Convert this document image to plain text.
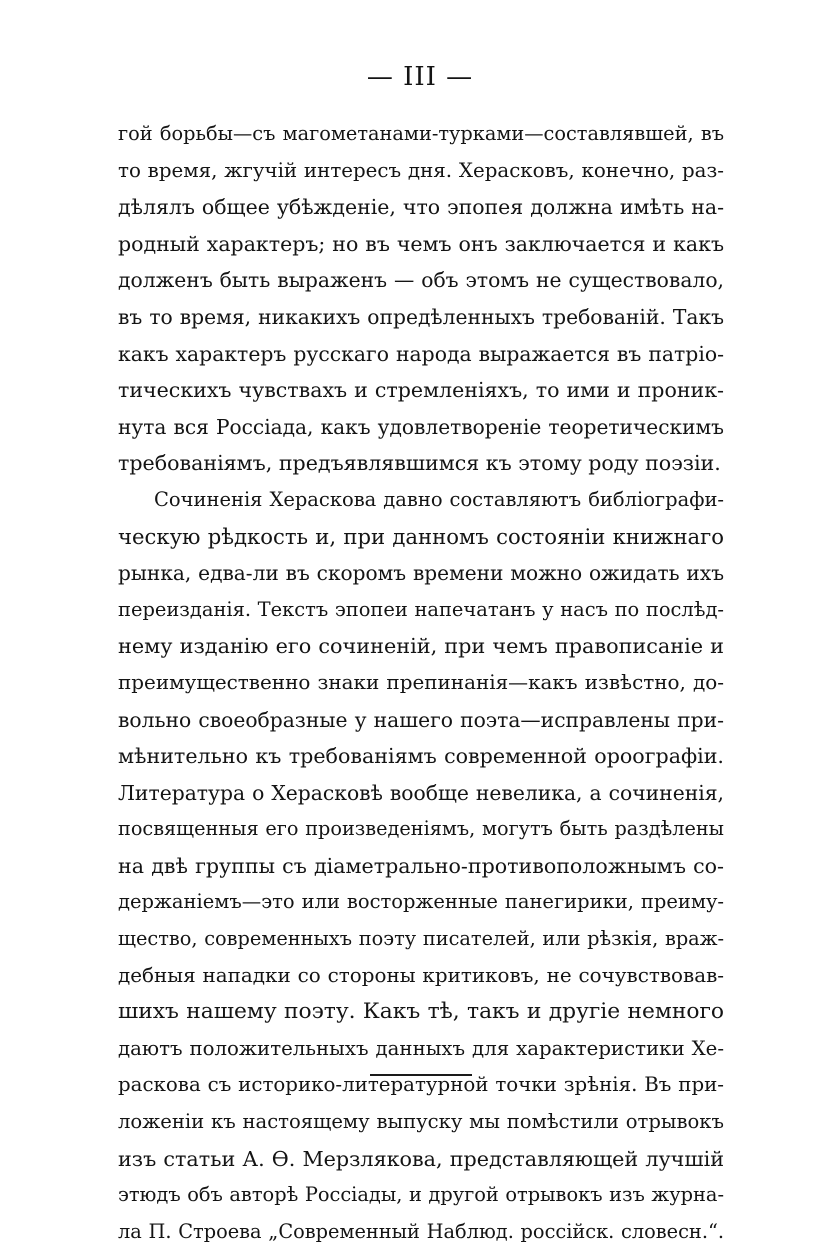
— III —
гой борьбы—съ магометанами-турками—составлявшей, въ
то время, жгучій интересъ дня. Херасковъ, конечно, раз-
дѣлялъ общее убѣжденіе, что эпопея должна имѣть на-
родный характеръ; но въ чемъ онъ заключается и какъ
долженъ быть выраженъ — объ этомъ не существовало,
въ то время, никакихъ опредѣленныхъ требованій. Такъ
какъ характеръ русскаго народа выражается въ патріо-
тическихъ чувствахъ и стремленіяхъ, то ими и проник-
нута вся Россіада, какъ удовлетвореніе теоретическимъ
требованіямъ, предъявлявшимся къ этому роду поэзіи.
Сочиненія Хераскова давно составляютъ библіографи-
ческую рѣдкость и, при данномъ состояніи книжнаго
рынка, едва-ли въ скоромъ времени можно ожидать ихъ
переизданія. Текстъ эпопеи напечатанъ у насъ по послѣд-
нему изданію его сочиненій, при чемъ правописаніе и
преимущественно знаки препинанія—какъ извѣстно, до-
вольно своеобразные у нашего поэта—исправлены при-
мѣнительно къ требованіямъ современной ороографіи.
Литература о Херасковѣ вообще невелика, а сочиненія,
посвященныя его произведеніямъ, могутъ быть раздѣлены
на двѣ группы съ діаметрально-противоположнымъ со-
держаніемъ—это или восторженные панегирики, преиму-
щество, современныхъ поэту писателей, или рѣзкія, враж-
дебныя нападки со стороны критиковъ, не сочувствовав-
шихъ нашему поэту. Какъ тѣ, такъ и другіе немного
даютъ положительныхъ данныхъ для характеристики Хе-
раскова съ историко-литературной точки зрѣнія. Въ при-
ложеніи къ настоящему выпуску мы помѣстили отрывокъ
изъ статьи А. Ѳ. Мерзлякова, представляющей лучшій
этюдъ объ авторѣ Россіады, и другой отрывокъ изъ журна-
ла П. Строева „Современный Наблюд. россійск. словесн.“.
